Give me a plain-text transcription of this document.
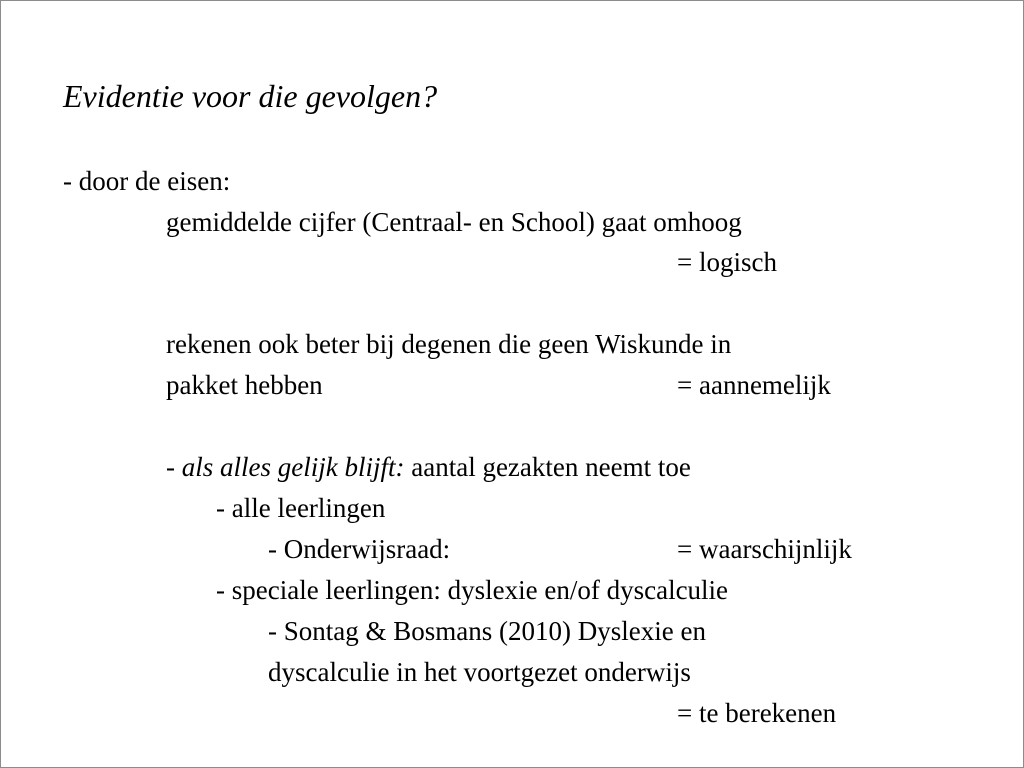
Evidentie voor die gevolgen?
- door de eisen:
gemiddelde cijfer (Centraal- en School) gaat omhoog
= logisch
rekenen ook beter bij degenen die geen Wiskunde in
pakket hebben	= aannemelijk
- als alles gelijk blijft: aantal gezakten neemt toe
- alle leerlingen
- Onderwijsraad:	= waarschijnlijk
- speciale leerlingen: dyslexie en/of dyscalculie
- Sontag & Bosmans (2010) Dyslexie en
dyscalculie in het voortgezet onderwijs
= te berekenen
